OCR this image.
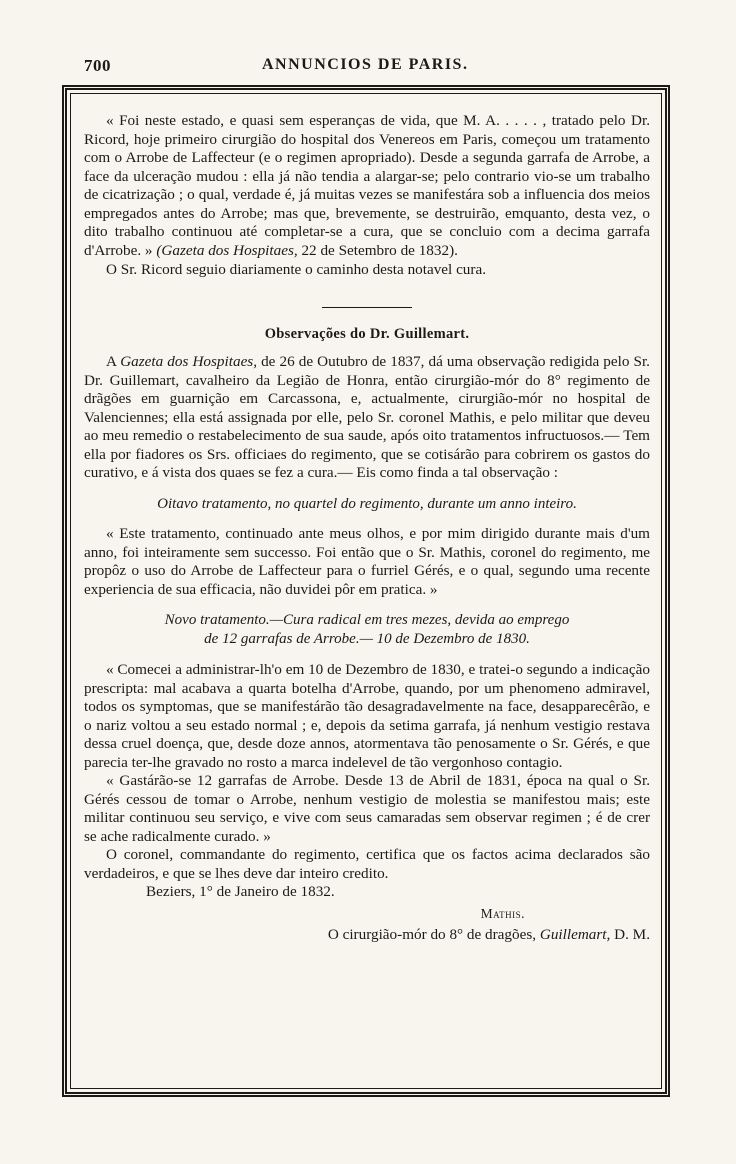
700	ANNUNCIOS DE PARIS.

« Foi neste estado, e quasi sem esperanças de vida, que M. A. . . . . , tratado pelo Dr. Ricord, hoje primeiro cirurgião do hospital dos Venereos em Paris, começou um tratamento com o Arrobe de Laffecteur (e o regimen apropriado). Desde a segunda garrafa de Arrobe, a face da ulceração mudou : ella já não tendia a alargar-se; pelo contrario vio-se um trabalho de cicatrização ; o qual, verdade é, já muitas vezes se manifestára sob a influencia dos meios empregados antes do Arrobe; mas que, brevemente, se destruirão, emquanto, desta vez, o dito trabalho continuou até completar-se a cura, que se concluio com a decima garrafa d'Arrobe. » (Gazeta dos Hospitaes, 22 de Setembro de 1832).

O Sr. Ricord seguio diariamente o caminho desta notavel cura.

Observações do Dr. Guillemart.

A Gazeta dos Hospitaes, de 26 de Outubro de 1837, dá uma observação redigida pelo Sr. Dr. Guillemart, cavalheiro da Legião de Honra, então cirurgião-mór do 8° regimento de drãgões em guarnição em Carcassona, e, actualmente, cirurgião-mór no hospital de Valenciennes; ella está assignada por elle, pelo Sr. coronel Mathis, e pelo militar que deveu ao meu remedio o restabelecimento de sua saude, após oito tratamentos infructuosos.— Tem ella por fiadores os Srs. officiaes do regimento, que se cotisárão para cobrirem os gastos do curativo, e á vista dos quaes se fez a cura.— Eis como finda a tal observação :

Oitavo tratamento, no quartel do regimento, durante um anno inteiro.

« Este tratamento, continuado ante meus olhos, e por mim dirigido durante mais d'um anno, foi inteiramente sem successo. Foi então que o Sr. Mathis, coronel do regimento, me propôz o uso do Arrobe de Laffecteur para o furriel Gérés, e o qual, segundo uma recente experiencia de sua efficacia, não duvidei pôr em pratica. »

Novo tratamento.—Cura radical em tres mezes, devida ao emprego
de 12 garrafas de Arrobe.— 10 de Dezembro de 1830.

« Comecei a administrar-lh'o em 10 de Dezembro de 1830, e tratei-o segundo a indicação prescripta: mal acabava a quarta botelha d'Arrobe, quando, por um phenomeno admiravel, todos os symptomas, que se manifestárão tão desagradavelmente na face, desapparecêrão, e o nariz voltou a seu estado normal ; e, depois da setima garrafa, já nenhum vestigio restava dessa cruel doença, que, desde doze annos, atormentava tão penosamente o Sr. Gérés, e que parecia ter-lhe gravado no rosto a marca indelevel de tão vergonhoso contagio.

« Gastárão-se 12 garrafas de Arrobe. Desde 13 de Abril de 1831, época na qual o Sr. Gérés cessou de tomar o Arrobe, nenhum vestigio de molestia se manifestou mais; este militar continuou seu serviço, e vive com seus camaradas sem observar regimen ; é de crer se ache radicalmente curado. »

O coronel, commandante do regimento, certifica que os factos acima declarados são verdadeiros, e que se lhes deve dar inteiro credito.

Beziers, 1° de Janeiro de 1832.

Mathis.
O cirurgião-mór do 8° de dragões, Guillemart, D. M.
